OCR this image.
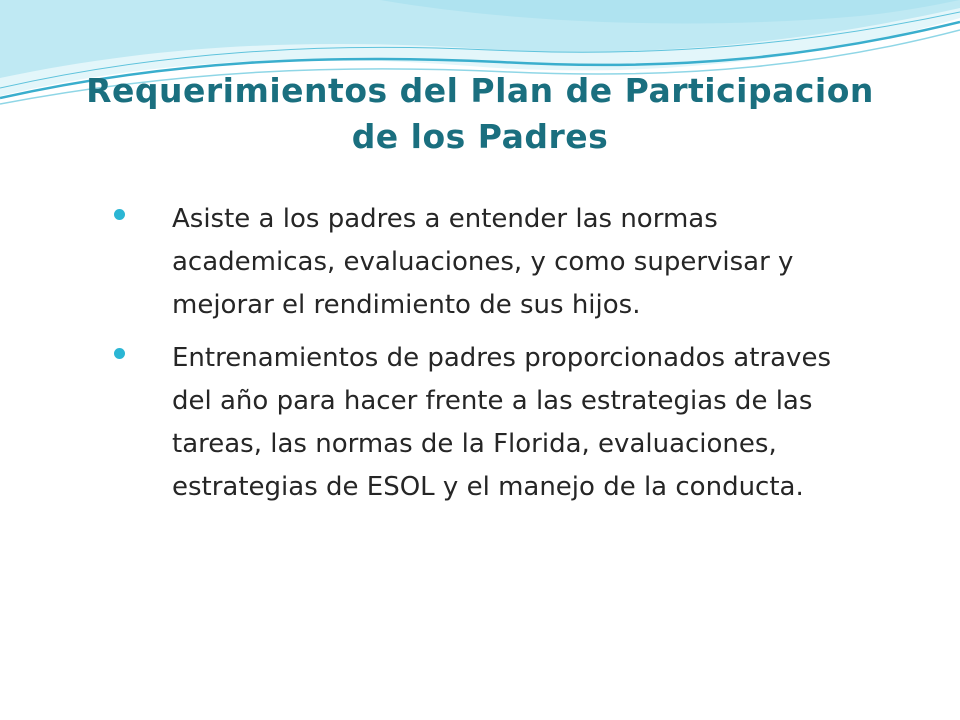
Requerimientos del Plan de Participacion
de los Padres
Asiste a los padres a entender las normas academicas, evaluaciones, y como supervisar y mejorar el rendimiento de sus hijos.
Entrenamientos de padres proporcionados atraves del año para hacer frente a las estrategias de las tareas, las normas de la Florida, evaluaciones, estrategias de ESOL y el manejo de la conducta.
